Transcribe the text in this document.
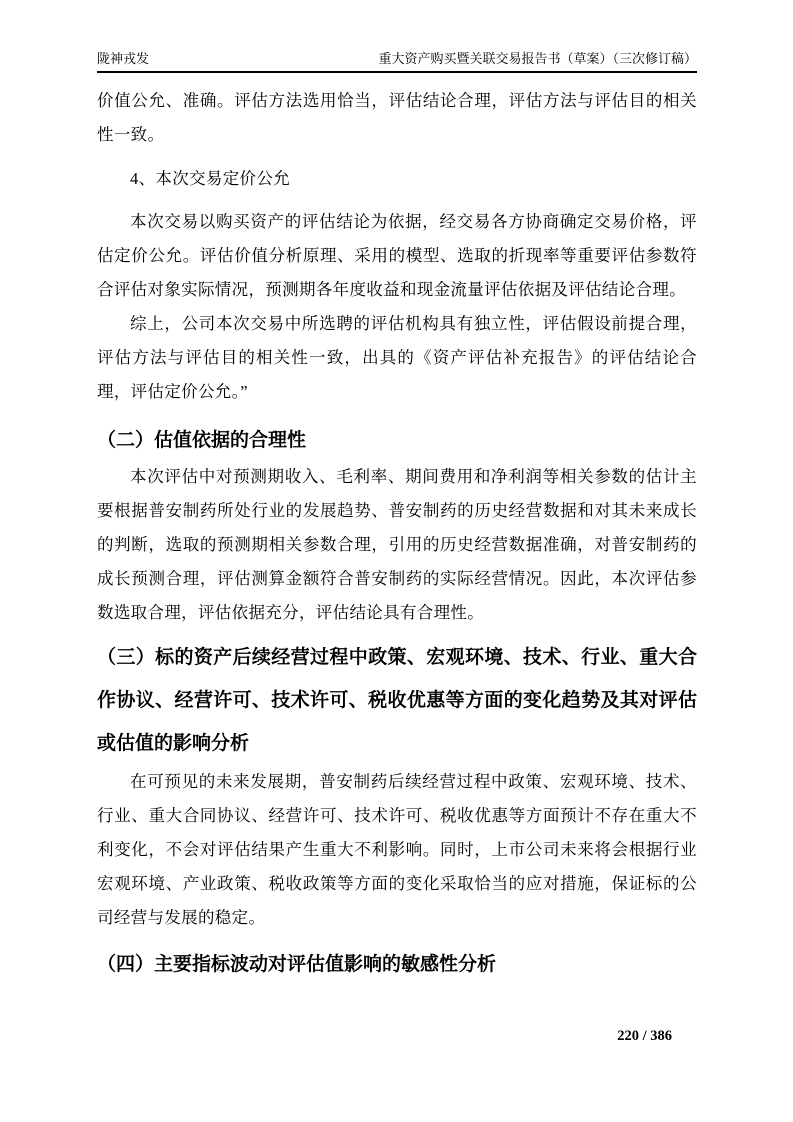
陇神戎发	重大资产购买暨关联交易报告书（草案）（三次修订稿）

价值公允、准确。评估方法选用恰当，评估结论合理，评估方法与评估目的相关性一致。

4、本次交易定价公允

本次交易以购买资产的评估结论为依据，经交易各方协商确定交易价格，评估定价公允。评估价值分析原理、采用的模型、选取的折现率等重要评估参数符合评估对象实际情况，预测期各年度收益和现金流量评估依据及评估结论合理。

综上，公司本次交易中所选聘的评估机构具有独立性，评估假设前提合理，评估方法与评估目的相关性一致，出具的《资产评估补充报告》的评估结论合理，评估定价公允。”

（二）估值依据的合理性

本次评估中对预测期收入、毛利率、期间费用和净利润等相关参数的估计主要根据普安制药所处行业的发展趋势、普安制药的历史经营数据和对其未来成长的判断，选取的预测期相关参数合理，引用的历史经营数据准确，对普安制药的成长预测合理，评估测算金额符合普安制药的实际经营情况。因此，本次评估参数选取合理，评估依据充分，评估结论具有合理性。

（三）标的资产后续经营过程中政策、宏观环境、技术、行业、重大合作协议、经营许可、技术许可、税收优惠等方面的变化趋势及其对评估或估值的影响分析

在可预见的未来发展期，普安制药后续经营过程中政策、宏观环境、技术、行业、重大合同协议、经营许可、技术许可、税收优惠等方面预计不存在重大不利变化，不会对评估结果产生重大不利影响。同时，上市公司未来将会根据行业宏观环境、产业政策、税收政策等方面的变化采取恰当的应对措施，保证标的公司经营与发展的稳定。

（四）主要指标波动对评估值影响的敏感性分析
220 / 386
